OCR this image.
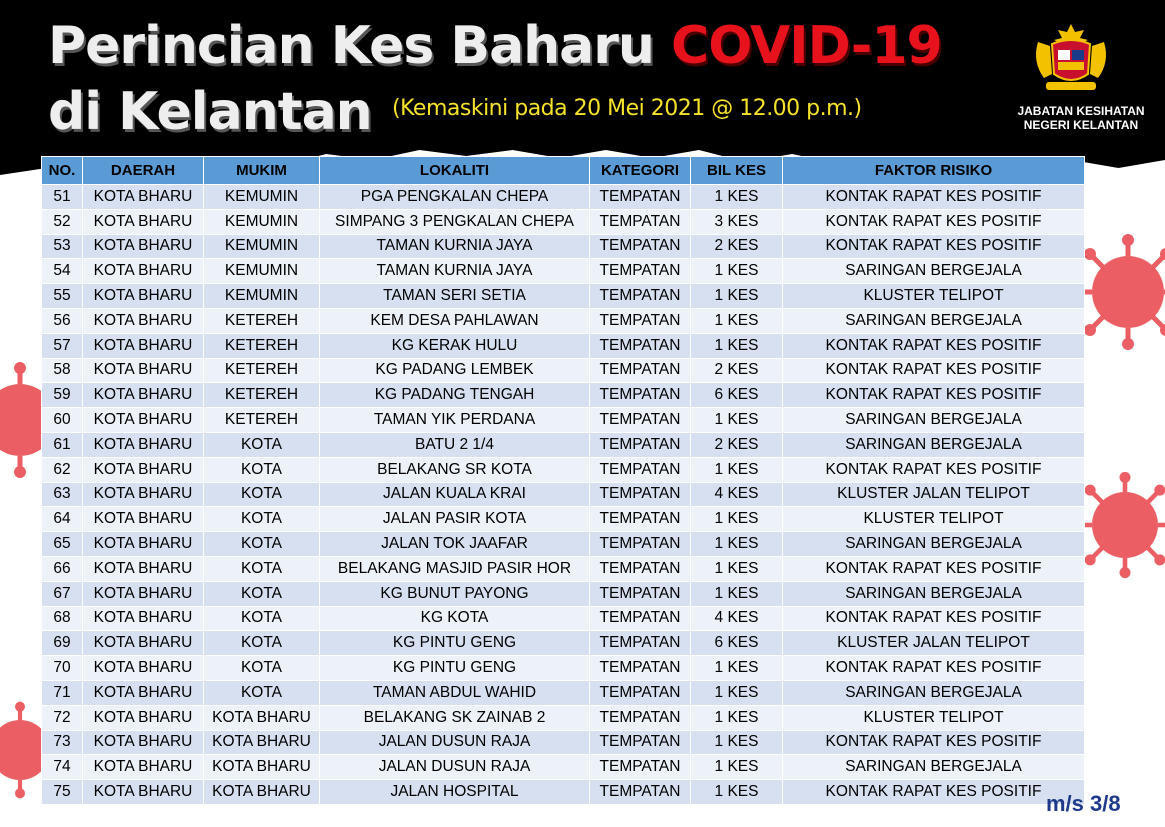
Perincian Kes Baharu COVID-19
di Kelantan (Kemaskini pada 20 Mei 2021 @ 12.00 p.m.)	JABATAN KESIHATAN
NEGERI KELANTAN
NO.	DAERAH	MUKIM	LOKALITI	KATEGORI	BIL KES	FAKTOR RISIKO
51	KOTA BHARU	KEMUMIN	PGA PENGKALAN CHEPA	TEMPATAN	1 KES	KONTAK RAPAT KES POSITIF
52	KOTA BHARU	KEMUMIN	SIMPANG 3 PENGKALAN CHEPA	TEMPATAN	3 KES	KONTAK RAPAT KES POSITIF
53	KOTA BHARU	KEMUMIN	TAMAN KURNIA JAYA	TEMPATAN	2 KES	KONTAK RAPAT KES POSITIF
54	KOTA BHARU	KEMUMIN	TAMAN KURNIA JAYA	TEMPATAN	1 KES	SARINGAN BERGEJALA
55	KOTA BHARU	KEMUMIN	TAMAN SERI SETIA	TEMPATAN	1 KES	KLUSTER TELIPOT
56	KOTA BHARU	KETEREH	KEM DESA PAHLAWAN	TEMPATAN	1 KES	SARINGAN BERGEJALA
57	KOTA BHARU	KETEREH	KG KERAK HULU	TEMPATAN	1 KES	KONTAK RAPAT KES POSITIF
58	KOTA BHARU	KETEREH	KG PADANG LEMBEK	TEMPATAN	2 KES	KONTAK RAPAT KES POSITIF
59	KOTA BHARU	KETEREH	KG PADANG TENGAH	TEMPATAN	6 KES	KONTAK RAPAT KES POSITIF
60	KOTA BHARU	KETEREH	TAMAN YIK PERDANA	TEMPATAN	1 KES	SARINGAN BERGEJALA
61	KOTA BHARU	KOTA	BATU 2 1/4	TEMPATAN	2 KES	SARINGAN BERGEJALA
62	KOTA BHARU	KOTA	BELAKANG SR KOTA	TEMPATAN	1 KES	KONTAK RAPAT KES POSITIF
63	KOTA BHARU	KOTA	JALAN KUALA KRAI	TEMPATAN	4 KES	KLUSTER JALAN TELIPOT
64	KOTA BHARU	KOTA	JALAN PASIR KOTA	TEMPATAN	1 KES	KLUSTER TELIPOT
65	KOTA BHARU	KOTA	JALAN TOK JAAFAR	TEMPATAN	1 KES	SARINGAN BERGEJALA
66	KOTA BHARU	KOTA	BELAKANG MASJID PASIR HOR	TEMPATAN	1 KES	KONTAK RAPAT KES POSITIF
67	KOTA BHARU	KOTA	KG BUNUT PAYONG	TEMPATAN	1 KES	SARINGAN BERGEJALA
68	KOTA BHARU	KOTA	KG KOTA	TEMPATAN	4 KES	KONTAK RAPAT KES POSITIF
69	KOTA BHARU	KOTA	KG PINTU GENG	TEMPATAN	6 KES	KLUSTER JALAN TELIPOT
70	KOTA BHARU	KOTA	KG PINTU GENG	TEMPATAN	1 KES	KONTAK RAPAT KES POSITIF
71	KOTA BHARU	KOTA	TAMAN ABDUL WAHID	TEMPATAN	1 KES	SARINGAN BERGEJALA
72	KOTA BHARU	KOTA BHARU	BELAKANG SK ZAINAB 2	TEMPATAN	1 KES	KLUSTER TELIPOT
73	KOTA BHARU	KOTA BHARU	JALAN DUSUN RAJA	TEMPATAN	1 KES	KONTAK RAPAT KES POSITIF
74	KOTA BHARU	KOTA BHARU	JALAN DUSUN RAJA	TEMPATAN	1 KES	SARINGAN BERGEJALA
75	KOTA BHARU	KOTA BHARU	JALAN HOSPITAL	TEMPATAN	1 KES	KONTAK RAPAT KES POSITIF m/s 3/8
